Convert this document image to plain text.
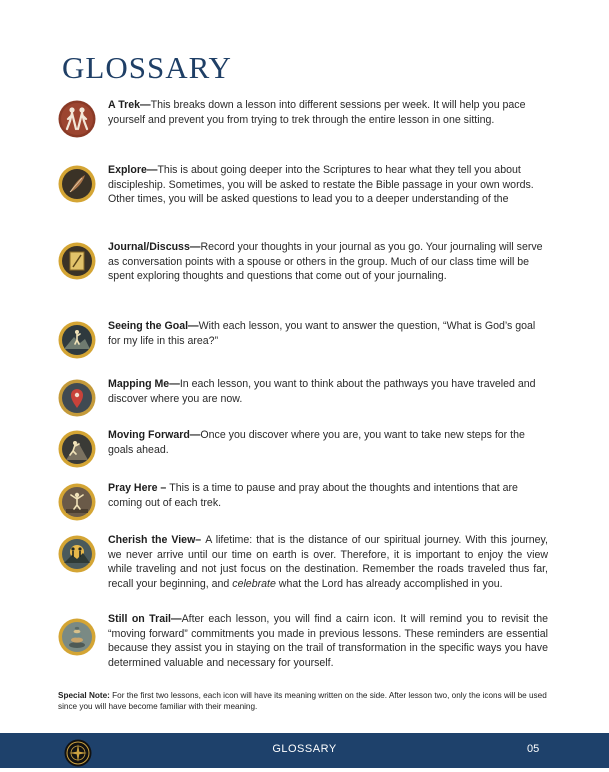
GLOSSARY
A Trek—This breaks down a lesson into different sessions per week. It will help you pace yourself and prevent you from trying to trek through the entire lesson in one sitting.
Explore—This is about going deeper into the Scriptures to hear what they tell you about discipleship. Sometimes, you will be asked to restate the Bible passage in your own words. Other times, you will be asked questions to lead you to a deeper understanding of the
Journal/Discuss—Record your thoughts in your journal as you go. Your journaling will serve as conversation points with a spouse or others in the group. Much of our class time will be spent exploring thoughts and questions that come out of your journaling.
Seeing the Goal—With each lesson, you want to answer the question, “What is God’s goal for my life in this area?”
Mapping Me—In each lesson, you want to think about the pathways you have traveled and discover where you are now.
Moving Forward—Once you discover where you are, you want to take new steps for the goals ahead.
Pray Here – This is a time to pause and pray about the thoughts and intentions that are coming out of each trek.
Cherish the View– A lifetime: that is the distance of our spiritual journey. With this journey, we never arrive until our time on earth is over. Therefore, it is important to enjoy the view while traveling and not just focus on the destination. Remember the roads traveled thus far, recall your beginning, and celebrate what the Lord has already accomplished in you.
Still on Trail—After each lesson, you will find a cairn icon. It will remind you to revisit the “moving forward” commitments you made in previous lessons. These reminders are essential because they assist you in staying on the trail of transformation in the specific ways you have determined valuable and necessary for yourself.
Special Note: For the first two lessons, each icon will have its meaning written on the side. After lesson two, only the icons will be used since you will have become familiar with their meaning.
GLOSSARY	05
